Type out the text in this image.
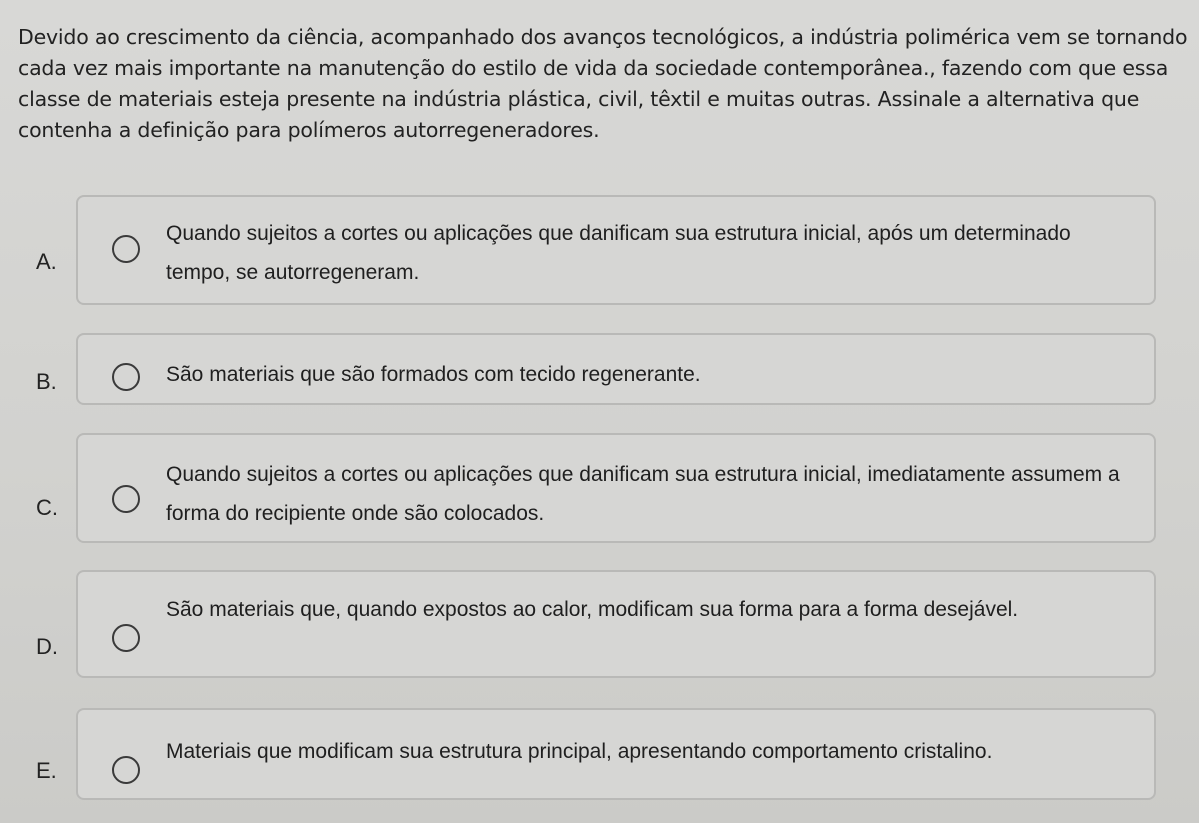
Devido ao crescimento da ciência, acompanhado dos avanços tecnológicos, a indústria polimérica vem se tornando cada vez mais importante na manutenção do estilo de vida da sociedade contemporânea., fazendo com que essa classe de materiais esteja presente na indústria plástica, civil, têxtil e muitas outras. Assinale a alternativa que contenha a definição para polímeros autorregeneradores.
A.
Quando sujeitos a cortes ou aplicações que danificam sua estrutura inicial, após um determinado tempo, se autorregeneram.
B.	São materiais que são formados com tecido regenerante.
C.
Quando sujeitos a cortes ou aplicações que danificam sua estrutura inicial, imediatamente assumem a forma do recipiente onde são colocados.
D.
São materiais que, quando expostos ao calor, modificam sua forma para a forma desejável.
E.
Materiais que modificam sua estrutura principal, apresentando comportamento cristalino.
